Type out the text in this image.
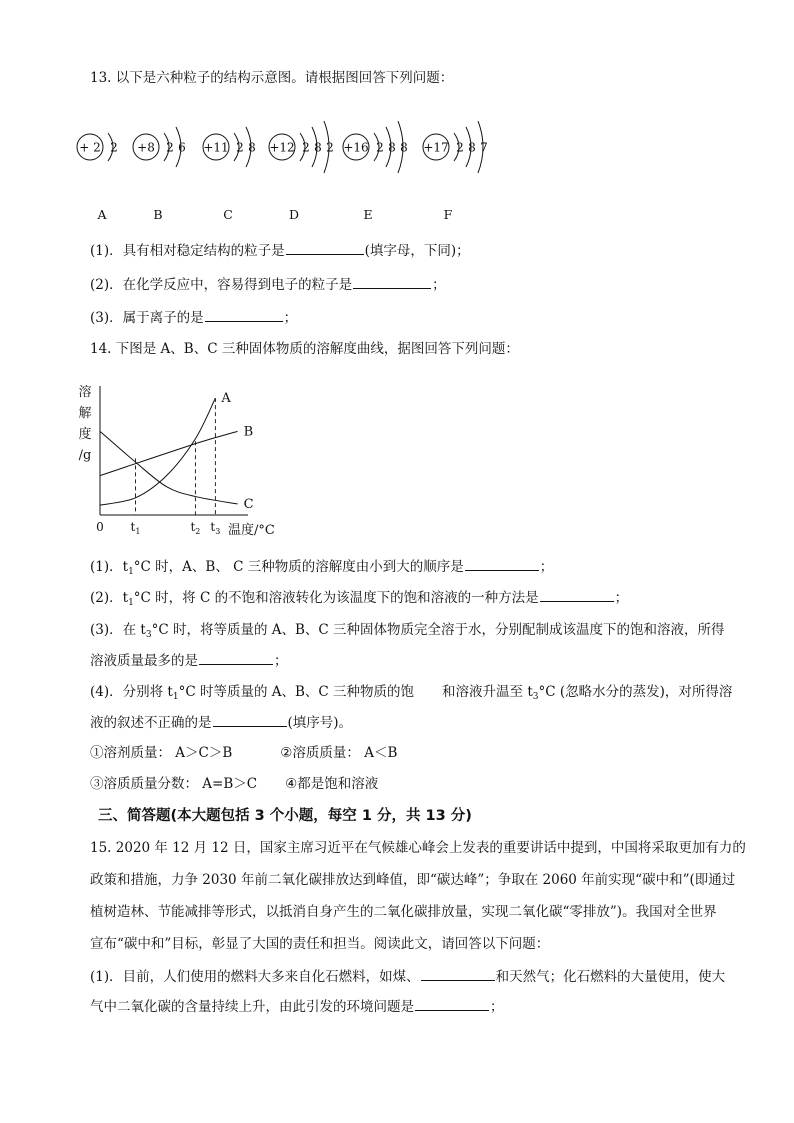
13. 以下是六种粒子的结构示意图。请根据图回答下列问题：
+ 2 2
A
+8 2 6
B
+11 2 8
C
+12 2 8 2
D
+16 2 8 8
E
+17 2 8 7
F
(1)．具有相对稳定结构的粒子是	(填字母，下同)；
(2)．在化学反应中，容易得到电子的粒子是	；
(3)．属于离子的是	；
14. 下图是 A、B、C 三种固体物质的溶解度曲线，据图回答下列问题：
溶
解
度
/g
0	温度/°C
$t_1$	$t_2$ $t_3$
A
B
C
(1)．$t_1^\circ C$ 时，A、B、 C 三种物质的溶解度由小到大的顺序是	；
(2)．$t_1^\circ C$ 时，将 C 的不饱和溶液转化为该温度下的饱和溶液的一种方法是	；
(3)．在 $t_3^\circ C$ 时，将等质量的 A、B、C 三种固体物质完全溶于水，分别配制成该温度下的饱和溶液，所得
溶液质量最多的是	；
(4)．分别将 $t_1^\circ C$ 时等质量的 A、B、C 三种物质的饱 和溶液升温至 $t_3^\circ C$ (忽略水分的蒸发)，对所得溶
液的叙述不正确的是	(填序号)。
①溶剂质量： A＞C＞B	②溶质质量： A＜B
③溶质质量分数： A=B＞C ④都是饱和溶液
三、简答题(本大题包括 3 个小题，每空 1 分，共 13 分)
15. 2020 年 12 月 12 日，国家主席习近平在气候雄心峰会上发表的重要讲话中提到，中国将采取更加有力的
政策和措施，力争 2030 年前二氧化碳排放达到峰值，即“碳达峰”；争取在 2060 年前实现“碳中和”(即通过
植树造林、节能减排等形式，以抵消自身产生的二氧化碳排放量，实现二氧化碳“零排放”)。我国对全世界
宣布“碳中和”目标，彰显了大国的责任和担当。阅读此文，请回答以下问题：
(1)．目前，人们使用的燃料大多来自化石燃料，如煤、	和天然气；化石燃料的大量使用，使大
气中二氧化碳的含量持续上升，由此引发的环境问题是	；
